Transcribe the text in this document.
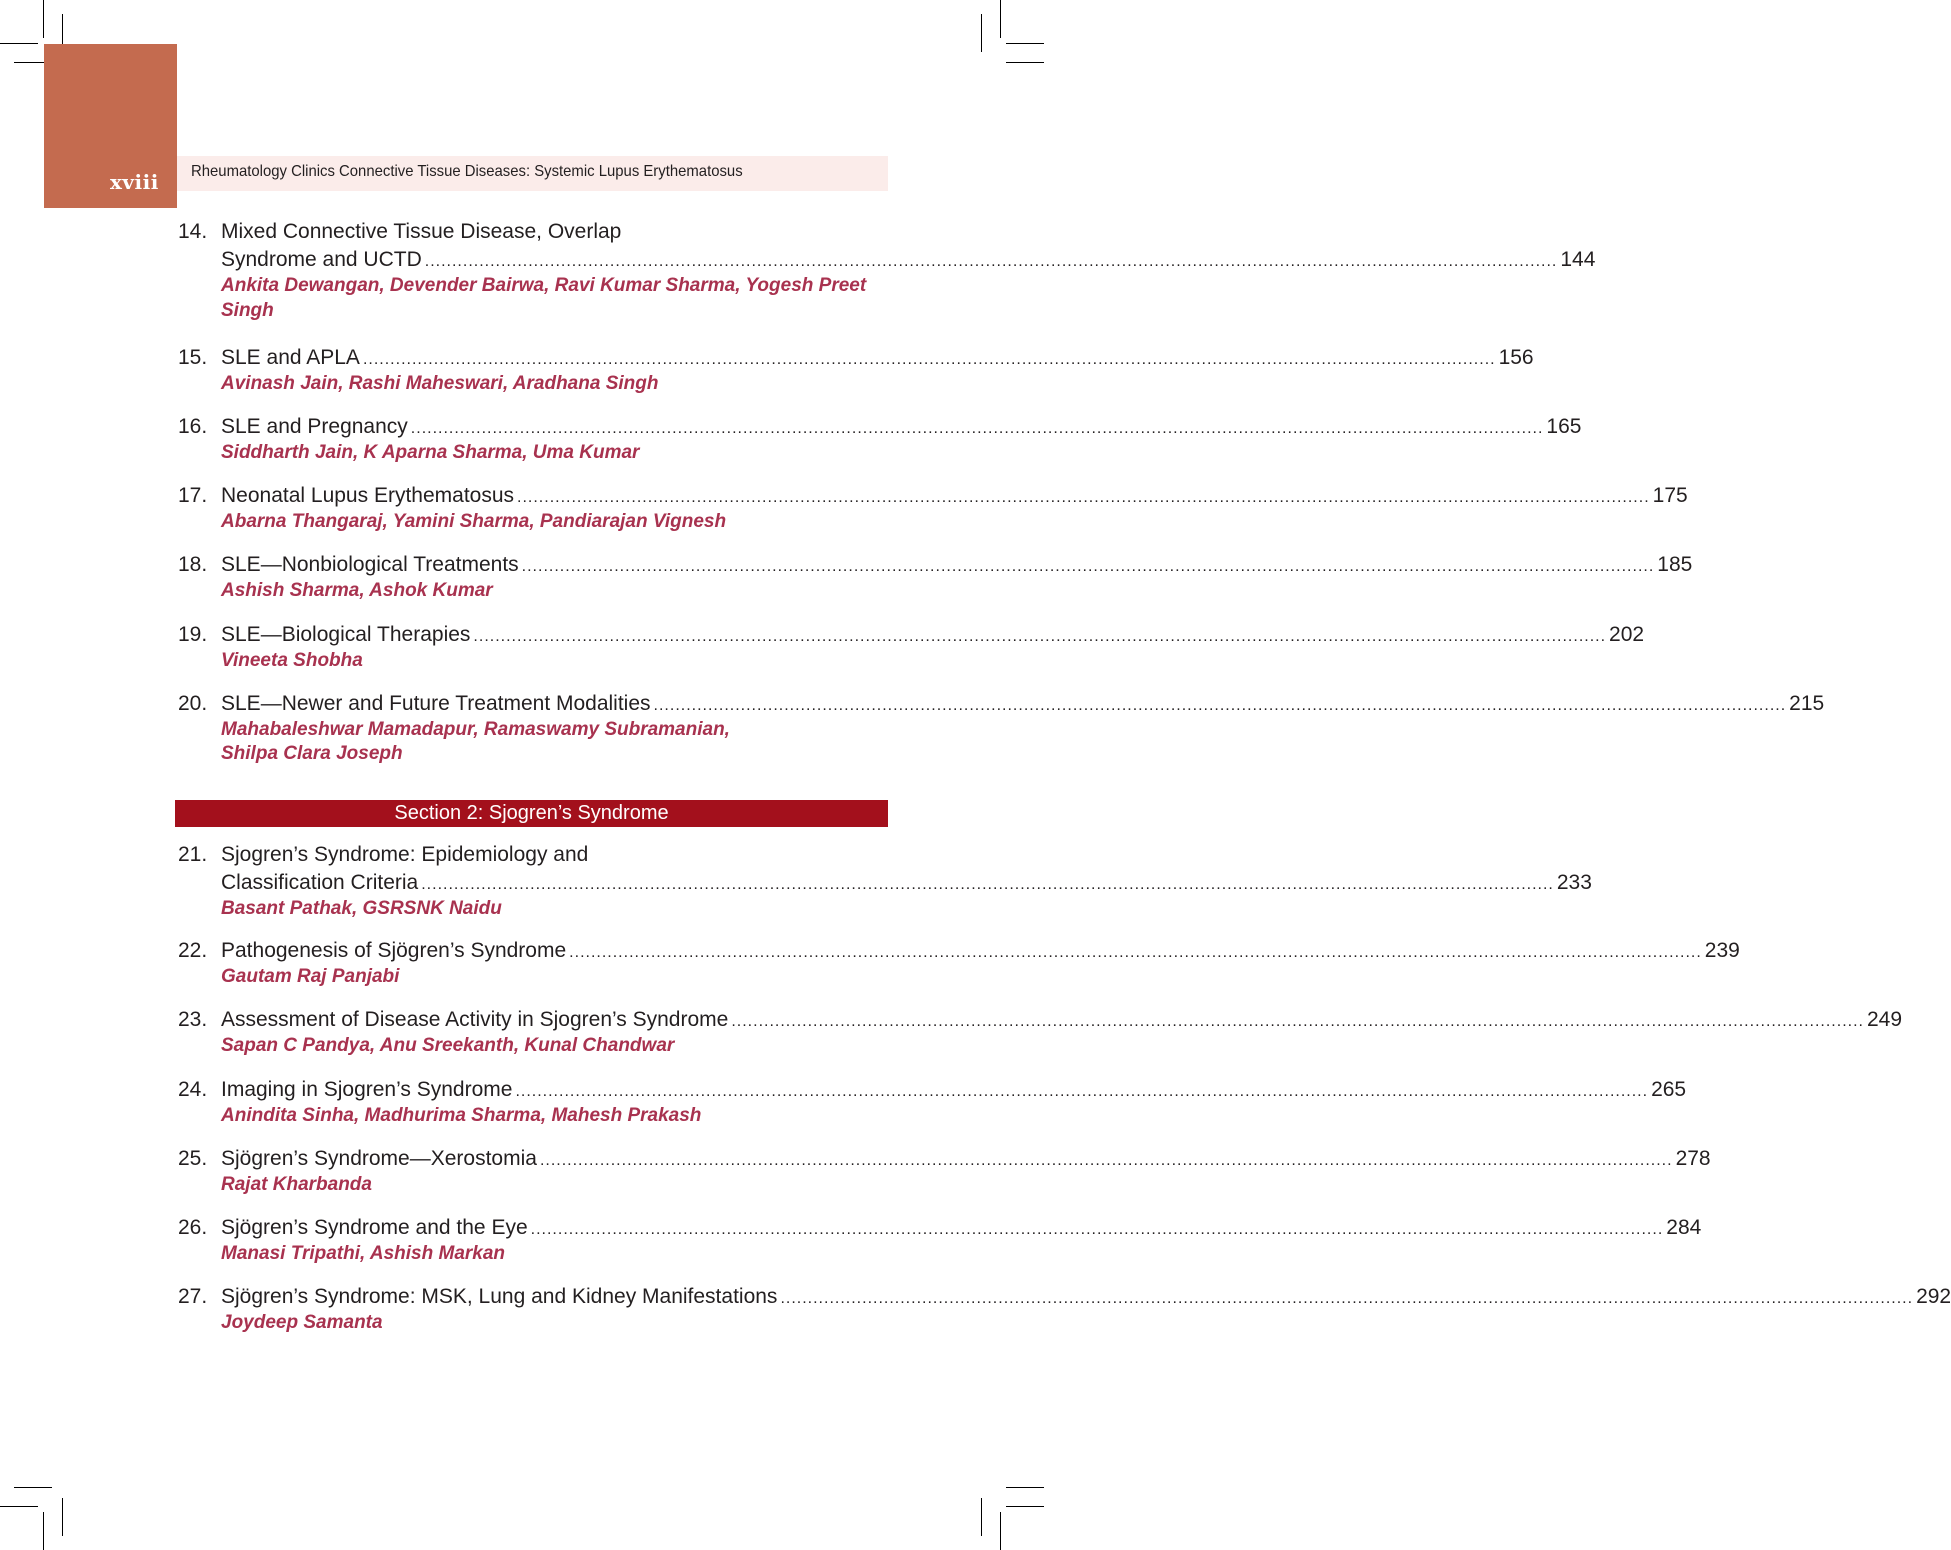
xviii	Rheumatology Clinics Connective Tissue Diseases: Systemic Lupus Erythematosus
14. Mixed Connective Tissue Disease, Overlap
Syndrome and UCTD ................................................................................................................................................................................................................ 144
Ankita Dewangan, Devender Bairwa, Ravi Kumar Sharma, Yogesh Preet Singh
15. SLE and APLA ................................................................................................................................................................................................................ 156
Avinash Jain, Rashi Maheswari, Aradhana Singh
16. SLE and Pregnancy ................................................................................................................................................................................................................ 165
Siddharth Jain, K Aparna Sharma, Uma Kumar
17. Neonatal Lupus Erythematosus ................................................................................................................................................................................................................ 175
Abarna Thangaraj, Yamini Sharma, Pandiarajan Vignesh
18. SLE—Nonbiological Treatments ................................................................................................................................................................................................................ 185
Ashish Sharma, Ashok Kumar
19. SLE—Biological Therapies ................................................................................................................................................................................................................ 202
Vineeta Shobha
20. SLE—Newer and Future Treatment Modalities ................................................................................................................................................................................................................ 215
Mahabaleshwar Mamadapur, Ramaswamy Subramanian,
Shilpa Clara Joseph
Section 2: Sjogren’s Syndrome
21. Sjogren’s Syndrome: Epidemiology and
Classification Criteria ................................................................................................................................................................................................................ 233
Basant Pathak, GSRSNK Naidu
22. Pathogenesis of Sjögren’s Syndrome ................................................................................................................................................................................................................ 239
Gautam Raj Panjabi
23. Assessment of Disease Activity in Sjogren’s Syndrome ................................................................................................................................................................................................................ 249
Sapan C Pandya, Anu Sreekanth, Kunal Chandwar
24. Imaging in Sjogren’s Syndrome ................................................................................................................................................................................................................ 265
Anindita Sinha, Madhurima Sharma, Mahesh Prakash
25. Sjögren’s Syndrome—Xerostomia ................................................................................................................................................................................................................ 278
Rajat Kharbanda
26. Sjögren’s Syndrome and the Eye ................................................................................................................................................................................................................ 284
Manasi Tripathi, Ashish Markan
27. Sjögren’s Syndrome: MSK, Lung and Kidney Manifestations ................................................................................................................................................................................................................ 292
Joydeep Samanta
